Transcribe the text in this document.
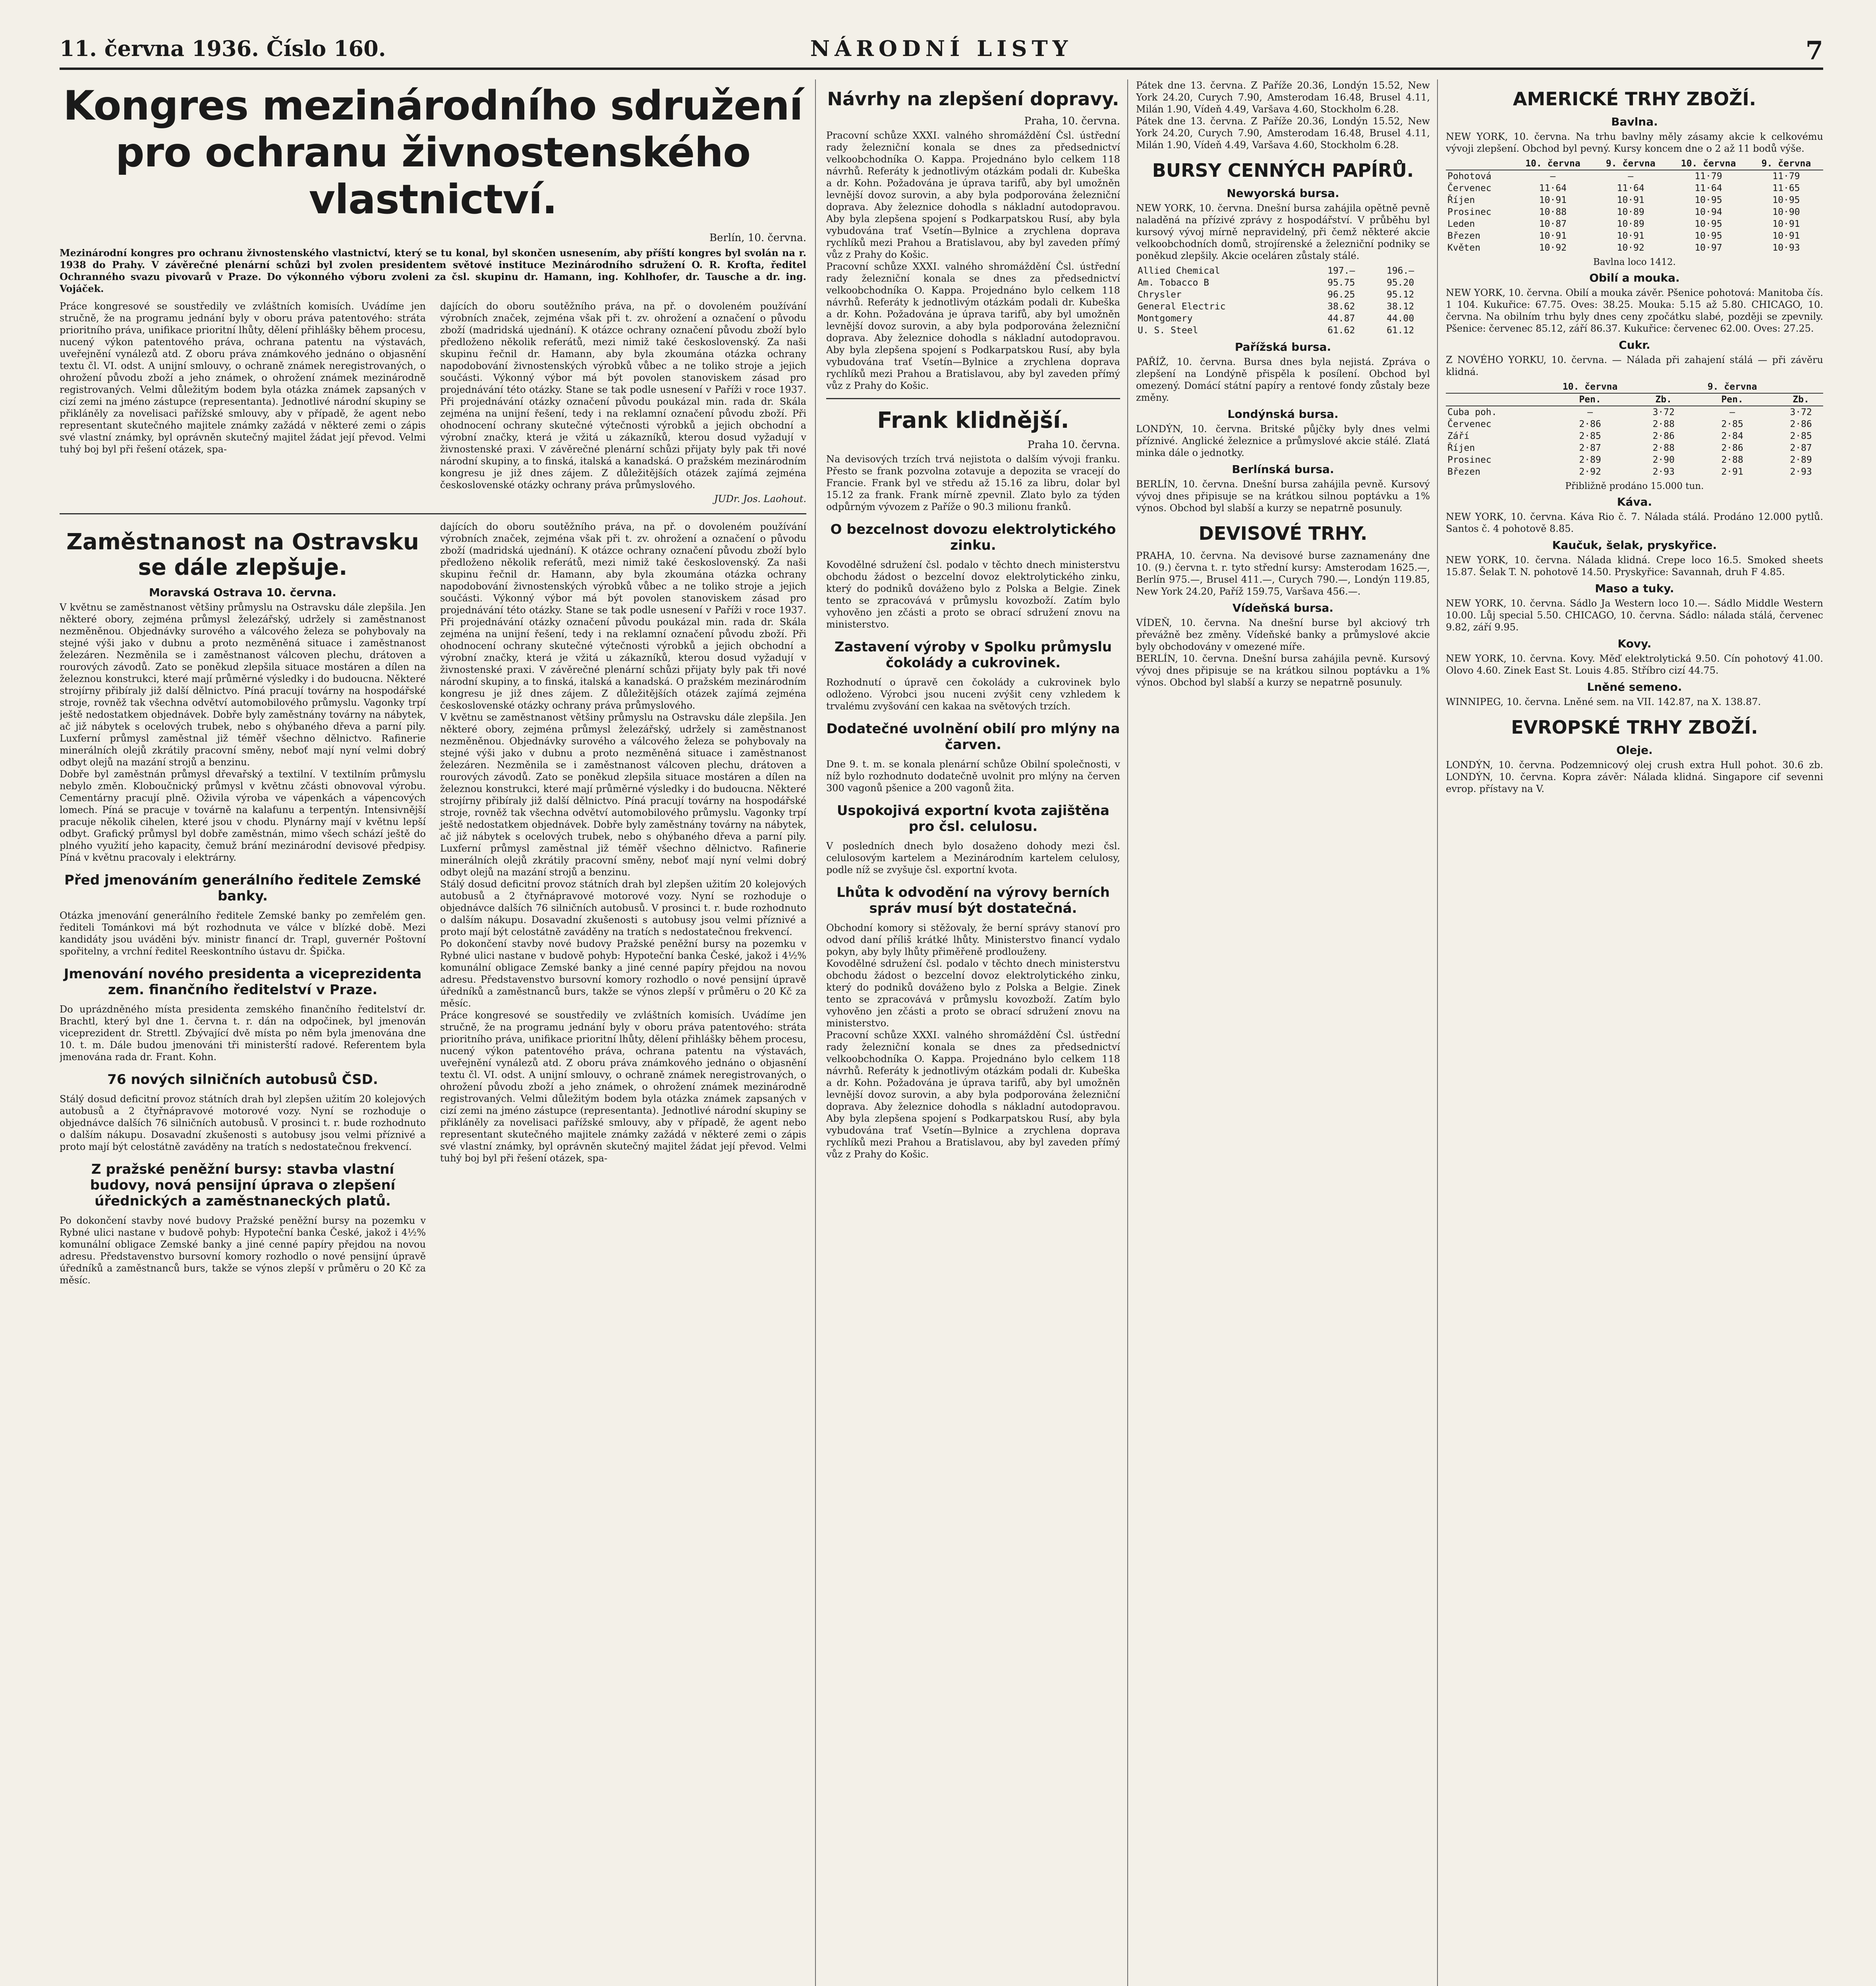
11. června 1936. Číslo 160.	NÁRODNÍ LISTY	7
Kongres mezinárodního sdružení pro ochranu živnostenského vlastnictví.
Berlín, 10. června.

Mezinárodní kongres pro ochranu živnostenského vlastnictví, který se tu konal, byl skončen usnesením, aby příští kongres byl svolán na r. 1938 do Prahy. V závěrečné plenární schůzi byl zvolen presidentem světové instituce Mezinárodního sdružení O. R. Krofta, ředitel Ochranného svazu pivovarů v Praze. Do výkonného výboru zvoleni za čsl. skupinu dr. Hamann, ing. Kohlhofer, dr. Tausche a dr. ing. Vojáček.

Práce kongresové se soustředily ve zvláštních komisích. Uvádíme jen stručně, že na programu jednání byly v oboru práva patentového: stráta prioritního práva, unifikace prioritní lhůty, dělení přihlášky během procesu, nucený výkon patentového práva, ochrana patentu na výstavách, uveřejnění vynálezů atd. Z oboru práva známkového jednáno o objasnění textu čl. VI. odst. A unijní smlouvy, o ochraně známek neregistrovaných, o ohrožení původu zboží a jeho známek, o ohrožení známek mezinárodně registrovaných. Velmi důležitým bodem byla otázka známek zapsaných v cizí zemi na jméno zástupce (representanta). Jednotlivé národní skupiny se přikláněly za novelisaci pařížské smlouvy, aby v případě, že agent nebo representant skutečného majitele známky zažádá v některé zemi o zápis své vlastní známky, byl oprávněn skutečný majitel žádat její převod. Velmi tuhý boj byl při řešení otázek, spa-

dajících do oboru soutěžního práva, na př. o dovoleném používání výrobních značek, zejména však při t. zv. ohrožení a označení o původu zboží (madridská ujednání). K otázce ochrany označení původu zboží bylo předloženo několik referátů, mezi nimiž také československý. Za naši skupinu řečnil dr. Hamann, aby byla zkoumána otázka ochrany napodobování živnostenských výrobků vůbec a ne toliko stroje a jejich součásti. Výkonný výbor má být povolen stanoviskem zásad pro projednávání této otázky. Stane se tak podle usnesení v Paříži v roce 1937. Při projednávání otázky označení původu poukázal min. rada dr. Skála zejména na unijní řešení, tedy i na reklamní označení původu zboží. Při ohodnocení ochrany skutečné výtečnosti výrobků a jejich obchodní a výrobní značky, která je vžitá u zákazníků, kterou dosud vyžadují v živnostenské praxi. V závěrečné plenární schůzi přijaty byly pak tři nové národní skupiny, a to finská, italská a kanadská. O pražském mezinárodním kongresu je již dnes zájem. Z důležitějších otázek zajímá zejména československé otázky ochrany práva průmyslového.

JUDr. Jos. Laohout.
Zaměstnanost na Ostravsku se dále zlepšuje.
Moravská Ostrava 10. června.

V květnu se zaměstnanost většiny průmyslu na Ostravsku dále zlepšila. Jen některé obory, zejména průmysl železářský, udržely si zaměstnanost nezměněnou. Objednávky surového a válcového železa se pohybovaly na stejné výši jako v dubnu a proto nezměněná situace i zaměstnanost železáren. Nezměnila se i zaměstnanost válcoven plechu, drátoven a rourových závodů. Zato se poněkud zlepšila situace mostáren a dílen na železnou konstrukci, které mají průměrné výsledky i do budoucna. Některé strojírny přibíraly již další dělnictvo. Píná pracují továrny na hospodářské stroje, rovněž tak všechna odvětví automobilového průmyslu. Vagonky trpí ještě nedostatkem objednávek. Dobře byly zaměstnány továrny na nábytek, ač již nábytek s ocelových trubek, nebo s ohýbaného dřeva a parní pily. Luxferní průmysl zaměstnal již téměř všechno dělnictvo. Rafinerie minerálních olejů zkrátily pracovní směny, neboť mají nyní velmi dobrý odbyt olejů na mazání strojů a benzinu.

Dobře byl zaměstnán průmysl dřevařský a textilní. V textilním průmyslu nebylo změn. Kloboučnický průmysl v květnu zčásti obnovoval výrobu. Cementárny pracují plně. Oživila výroba ve vápenkách a vápencových lomech. Píná se pracuje v továrně na kalafunu a terpentýn. Intensivnější pracuje několik cihelen, které jsou v chodu. Plynárny mají v květnu lepší odbyt. Grafický průmysl byl dobře zaměstnán, mimo všech schází ještě do plného využití jeho kapacity, čemuž brání mezinárodní devisové předpisy. Píná v květnu pracovaly i elektrárny.

Před jmenováním generálního ředitele Zemské banky.

Otázka jmenování generálního ředitele Zemské banky po zemřelém gen. řediteli Tománkovi má být rozhodnuta ve válce v blízké době. Mezi kandidáty jsou uváděni býv. ministr financí dr. Trapl, guvernér Poštovní spořitelny, a vrchní ředitel Reeskontního ústavu dr. Špička.

Jmenování nového presidenta a viceprezidenta zem. finančního ředitelství v Praze.

Do uprázdněného místa presidenta zemského finančního ředitelství dr. Brachtl, který byl dne 1. června t. r. dán na odpočinek, byl jmenován viceprezident dr. Strettl. Zbývající dvě místa po něm byla jmenována dne 10. t. m. Dále budou jmenováni tři ministerští radové. Referentem byla jmenována rada dr. Frant. Kohn.

76 nových silničních autobusů ČSD.

Stálý dosud deficitní provoz státních drah byl zlepšen užitím 20 kolejových autobusů a 2 čtyřnápravové motorové vozy. Nyní se rozhoduje o objednávce dalších 76 silničních autobusů. V prosinci t. r. bude rozhodnuto o dalším nákupu. Dosavadní zkušenosti s autobusy jsou velmi příznivé a proto mají být celostátně zaváděny na tratích s nedostatečnou frekvencí.

Z pražské peněžní bursy: stavba vlastní budovy, nová pensijní úprava o zlepšení úřednických a zaměstnaneckých platů.

Po dokončení stavby nové budovy Pražské peněžní bursy na pozemku v Rybné ulici nastane v budově pohyb: Hypoteční banka České, jakož i 4½% komunální obligace Zemské banky a jiné cenné papíry přejdou na novou adresu. Představenstvo bursovní komory rozhodlo o nové pensijní úpravě úředníků a zaměstnanců burs, takže se výnos zlepší v průměru o 20 Kč za měsíc.

dajících do oboru soutěžního práva, na př. o dovoleném používání výrobních značek, zejména však při t. zv. ohrožení a označení o původu zboží (madridská ujednání). K otázce ochrany označení původu zboží bylo předloženo několik referátů, mezi nimiž také československý. Za naši skupinu řečnil dr. Hamann, aby byla zkoumána otázka ochrany napodobování živnostenských výrobků vůbec a ne toliko stroje a jejich součásti. Výkonný výbor má být povolen stanoviskem zásad pro projednávání této otázky. Stane se tak podle usnesení v Paříži v roce 1937. Při projednávání otázky označení původu poukázal min. rada dr. Skála zejména na unijní řešení, tedy i na reklamní označení původu zboží. Při ohodnocení ochrany skutečné výtečnosti výrobků a jejich obchodní a výrobní značky, která je vžitá u zákazníků, kterou dosud vyžadují v živnostenské praxi. V závěrečné plenární schůzi přijaty byly pak tři nové národní skupiny, a to finská, italská a kanadská. O pražském mezinárodním kongresu je již dnes zájem. Z důležitějších otázek zajímá zejména československé otázky ochrany práva průmyslového.

V květnu se zaměstnanost většiny průmyslu na Ostravsku dále zlepšila. Jen některé obory, zejména průmysl železářský, udržely si zaměstnanost nezměněnou. Objednávky surového a válcového železa se pohybovaly na stejné výši jako v dubnu a proto nezměněná situace i zaměstnanost železáren. Nezměnila se i zaměstnanost válcoven plechu, drátoven a rourových závodů. Zato se poněkud zlepšila situace mostáren a dílen na železnou konstrukci, které mají průměrné výsledky i do budoucna. Některé strojírny přibíraly již další dělnictvo. Píná pracují továrny na hospodářské stroje, rovněž tak všechna odvětví automobilového průmyslu. Vagonky trpí ještě nedostatkem objednávek. Dobře byly zaměstnány továrny na nábytek, ač již nábytek s ocelových trubek, nebo s ohýbaného dřeva a parní pily. Luxferní průmysl zaměstnal již téměř všechno dělnictvo. Rafinerie minerálních olejů zkrátily pracovní směny, neboť mají nyní velmi dobrý odbyt olejů na mazání strojů a benzinu.

Stálý dosud deficitní provoz státních drah byl zlepšen užitím 20 kolejových autobusů a 2 čtyřnápravové motorové vozy. Nyní se rozhoduje o objednávce dalších 76 silničních autobusů. V prosinci t. r. bude rozhodnuto o dalším nákupu. Dosavadní zkušenosti s autobusy jsou velmi příznivé a proto mají být celostátně zaváděny na tratích s nedostatečnou frekvencí.

Po dokončení stavby nové budovy Pražské peněžní bursy na pozemku v Rybné ulici nastane v budově pohyb: Hypoteční banka České, jakož i 4½% komunální obligace Zemské banky a jiné cenné papíry přejdou na novou adresu. Představenstvo bursovní komory rozhodlo o nové pensijní úpravě úředníků a zaměstnanců burs, takže se výnos zlepší v průměru o 20 Kč za měsíc.

Práce kongresové se soustředily ve zvláštních komisích. Uvádíme jen stručně, že na programu jednání byly v oboru práva patentového: stráta prioritního práva, unifikace prioritní lhůty, dělení přihlášky během procesu, nucený výkon patentového práva, ochrana patentu na výstavách, uveřejnění vynálezů atd. Z oboru práva známkového jednáno o objasnění textu čl. VI. odst. A unijní smlouvy, o ochraně známek neregistrovaných, o ohrožení původu zboží a jeho známek, o ohrožení známek mezinárodně registrovaných. Velmi důležitým bodem byla otázka známek zapsaných v cizí zemi na jméno zástupce (representanta). Jednotlivé národní skupiny se přikláněly za novelisaci pařížské smlouvy, aby v případě, že agent nebo representant skutečného majitele známky zažádá v některé zemi o zápis své vlastní známky, byl oprávněn skutečný majitel žádat její převod. Velmi tuhý boj byl při řešení otázek, spa-

Návrhy na zlepšení dopravy.
Praha, 10. června.

Pracovní schůze XXXI. valného shromáždění Čsl. ústřední rady železniční konala se dnes za předsednictví velkoobchodníka O. Kappa. Projednáno bylo celkem 118 návrhů. Referáty k jednotlivým otázkám podali dr. Kubeška a dr. Kohn. Požadována je úprava tarifů, aby byl umožněn levnější dovoz surovin, a aby byla podporována železniční doprava. Aby železnice dohodla s nákladní autodopravou. Aby byla zlepšena spojení s Podkarpatskou Rusí, aby byla vybudována trať Vsetín—Bylnice a zrychlena doprava rychlíků mezi Prahou a Bratislavou, aby byl zaveden přímý vůz z Prahy do Košic.

Pracovní schůze XXXI. valného shromáždění Čsl. ústřední rady železniční konala se dnes za předsednictví velkoobchodníka O. Kappa. Projednáno bylo celkem 118 návrhů. Referáty k jednotlivým otázkám podali dr. Kubeška a dr. Kohn. Požadována je úprava tarifů, aby byl umožněn levnější dovoz surovin, a aby byla podporována železniční doprava. Aby železnice dohodla s nákladní autodopravou. Aby byla zlepšena spojení s Podkarpatskou Rusí, aby byla vybudována trať Vsetín—Bylnice a zrychlena doprava rychlíků mezi Prahou a Bratislavou, aby byl zaveden přímý vůz z Prahy do Košic.

Frank klidnější.
Praha 10. června.

Na devisových trzích trvá nejistota o dalším vývoji franku. Přesto se frank pozvolna zotavuje a depozita se vracejí do Francie. Frank byl ve středu až 15.16 za libru, dolar byl 15.12 za frank. Frank mírně zpevnil. Zlato bylo za týden odpůrným vývozem z Paříže o 90.3 milionu franků.

O bezcelnost dovozu elektrolytického zinku.

Kovodělné sdružení čsl. podalo v těchto dnech ministerstvu obchodu žádost o bezcelní dovoz elektrolytického zinku, který do podniků dováženo bylo z Polska a Belgie. Zinek tento se zpracovává v průmyslu kovozboží. Zatím bylo vyhověno jen zčásti a proto se obrací sdružení znovu na ministerstvo.

Zastavení výroby v Spolku průmyslu čokolády a cukrovinek.

Rozhodnutí o úpravě cen čokolády a cukrovinek bylo odloženo. Výrobci jsou nuceni zvýšit ceny vzhledem k trvalému zvyšování cen kakaa na světových trzích.

Dodatečné uvolnění obilí pro mlýny na čarven.

Dne 9. t. m. se konala plenární schůze Obilní společnosti, v níž bylo rozhodnuto dodatečně uvolnit pro mlýny na červen 300 vagonů pšenice a 200 vagonů žita.

Uspokojivá exportní kvota zajištěna pro čsl. celulosu.

V posledních dnech bylo dosaženo dohody mezi čsl. celulosovým kartelem a Mezinárodním kartelem celulosy, podle níž se zvyšuje čsl. exportní kvota.

Lhůta k odvodění na výrovy berních správ musí být dostatečná.

Obchodní komory si stěžovaly, že berní správy stanoví pro odvod daní příliš krátké lhůty. Ministerstvo financí vydalo pokyn, aby byly lhůty přiměřeně prodlouženy.

Kovodělné sdružení čsl. podalo v těchto dnech ministerstvu obchodu žádost o bezcelní dovoz elektrolytického zinku, který do podniků dováženo bylo z Polska a Belgie. Zinek tento se zpracovává v průmyslu kovozboží. Zatím bylo vyhověno jen zčásti a proto se obrací sdružení znovu na ministerstvo.

Pracovní schůze XXXI. valného shromáždění Čsl. ústřední rady železniční konala se dnes za předsednictví velkoobchodníka O. Kappa. Projednáno bylo celkem 118 návrhů. Referáty k jednotlivým otázkám podali dr. Kubeška a dr. Kohn. Požadována je úprava tarifů, aby byl umožněn levnější dovoz surovin, a aby byla podporována železniční doprava. Aby železnice dohodla s nákladní autodopravou. Aby byla zlepšena spojení s Podkarpatskou Rusí, aby byla vybudována trať Vsetín—Bylnice a zrychlena doprava rychlíků mezi Prahou a Bratislavou, aby byl zaveden přímý vůz z Prahy do Košic.

Pátek dne 13. června. Z Paříže 20.36, Londýn 15.52, New York 24.20, Curych 7.90, Amsterodam 16.48, Brusel 4.11, Milán 1.90, Vídeň 4.49, Varšava 4.60, Stockholm 6.28.

Pátek dne 13. června. Z Paříže 20.36, Londýn 15.52, New York 24.20, Curych 7.90, Amsterodam 16.48, Brusel 4.11, Milán 1.90, Vídeň 4.49, Varšava 4.60, Stockholm 6.28.

BURSY CENNÝCH PAPÍRŮ.
Newyorská bursa.

NEW YORK, 10. června. Dnešní bursa zahájila opětně pevně naladěná na přízivé zprávy z hospodářství. V průběhu byl kursový vývoj mírně nepravidelný, při čemž některé akcie velkoobchodních domů, strojírenské a železniční podniky se poněkud zlepšily. Akcie oceláren zůstaly stálé.

Allied Chemical	197.—	196.—
Am. Tobacco B	95.75	95.20
Chrysler	96.25	95.12
General Electric	38.62	38.12
Montgomery	44.87	44.00
U. S. Steel	61.62	61.12
Pařížská bursa.

PAŘÍŽ, 10. června. Bursa dnes byla nejistá. Zpráva o zlepšení na Londýně přispěla k posílení. Obchod byl omezený. Domácí státní papíry a rentové fondy zůstaly beze změny.

Londýnská bursa.

LONDÝN, 10. června. Britské půjčky byly dnes velmi příznivé. Anglické železnice a průmyslové akcie stálé. Zlatá minka dále o jednotky.

Berlínská bursa.

BERLÍN, 10. června. Dnešní bursa zahájila pevně. Kursový vývoj dnes připisuje se na krátkou silnou poptávku a 1% výnos. Obchod byl slabší a kurzy se nepatrně posunuly.

DEVISOVÉ TRHY.

PRAHA, 10. června. Na devisové burse zaznamenány dne 10. (9.) června t. r. tyto střední kursy: Amsterodam 1625.—, Berlín 975.—, Brusel 411.—, Curych 790.—, Londýn 119.85, New York 24.20, Paříž 159.75, Varšava 456.—.

Vídeňská bursa.

VÍDEŇ, 10. června. Na dnešní burse byl akciový trh převážně bez změny. Vídeňské banky a průmyslové akcie byly obchodovány v omezené míře.

BERLÍN, 10. června. Dnešní bursa zahájila pevně. Kursový vývoj dnes připisuje se na krátkou silnou poptávku a 1% výnos. Obchod byl slabší a kurzy se nepatrně posunuly.

AMERICKÉ TRHY ZBOŽÍ.
Bavlna.

NEW YORK, 10. června. Na trhu bavlny měly zásamy akcie k celkovému vývoji zlepšení. Obchod byl pevný. Kursy koncem dne o 2 až 11 bodů výše.

	10. června	9. června	10. června	9. června
Pohotová	—	—	11·79	11·79
Červenec	11·64	11·64	11·64	11·65
Říjen	10·91	10·91	10·95	10·95
Prosinec	10·88	10·89	10·94	10·90
Leden	10·87	10·89	10·95	10·91
Březen	10·91	10·91	10·95	10·91
Květen	10·92	10·92	10·97	10·93
Bavlna loco 1412.
Obilí a mouka.

NEW YORK, 10. června. Obilí a mouka závěr. Pšenice pohotová: Manitoba čís. 1 104. Kukuřice: 67.75. Oves: 38.25. Mouka: 5.15 až 5.80. CHICAGO, 10. června. Na obilním trhu byly dnes ceny zpočátku slabé, později se zpevnily. Pšenice: červenec 85.12, září 86.37. Kukuřice: červenec 62.00. Oves: 27.25.

Cukr.

Z NOVÉHO YORKU, 10. června. — Nálada při zahajení stálá — při závěru klidná.

	10. června		9. června	
	Pen.	Zb.	Pen.	Zb.
Cuba poh.	—	3·72	—	3·72
Červenec	2·86	2·88	2·85	2·86
Září	2·85	2·86	2·84	2·85
Říjen	2·87	2·88	2·86	2·87
Prosinec	2·89	2·90	2·88	2·89
Březen	2·92	2·93	2·91	2·93
Přibližně prodáno 15.000 tun.
Káva.

NEW YORK, 10. června. Káva Rio č. 7. Nálada stálá. Prodáno 12.000 pytlů. Santos č. 4 pohotově 8.85.

Kaučuk, šelak, pryskyřice.

NEW YORK, 10. června. Nálada klidná. Crepe loco 16.5. Smoked sheets 15.87. Šelak T. N. pohotově 14.50. Pryskyřice: Savannah, druh F 4.85.

Maso a tuky.

NEW YORK, 10. června. Sádlo Ja Western loco 10.—. Sádlo Middle Western 10.00. Lůj special 5.50. CHICAGO, 10. června. Sádlo: nálada stálá, červenec 9.82, září 9.95.

Kovy.

NEW YORK, 10. června. Kovy. Měď elektrolytická 9.50. Cín pohotový 41.00. Olovo 4.60. Zinek East St. Louis 4.85. Stříbro cizí 44.75.

Lněné semeno.

WINNIPEG, 10. června. Lněné sem. na VII. 142.87, na X. 138.87.

EVROPSKÉ TRHY ZBOŽÍ.
Oleje.

LONDÝN, 10. června. Podzemnicový olej crush extra Hull pohot. 30.6 zb. LONDÝN, 10. června. Kopra závěr: Nálada klidná. Singapore cif sevenni evrop. přístavy na V.
